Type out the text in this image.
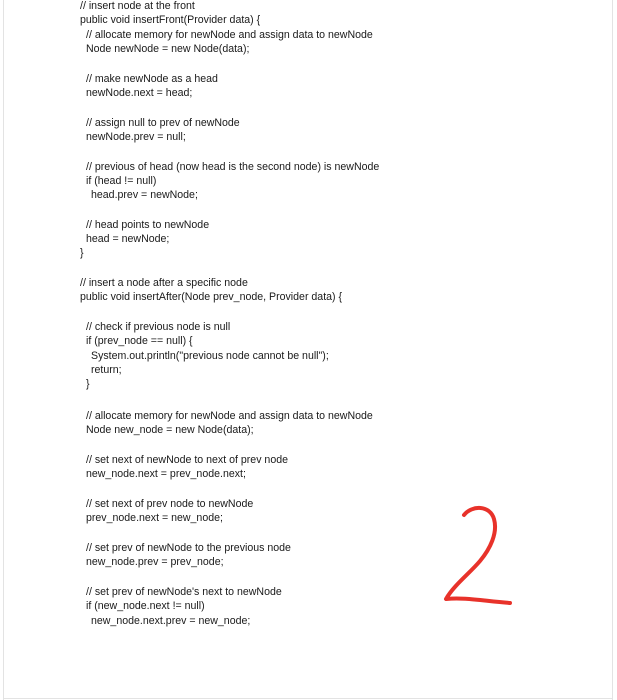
// insert node at the front
public void insertFront(Provider data) {
// allocate memory for newNode and assign data to newNode
Node newNode = new Node(data);
// make newNode as a head
newNode.next = head;
// assign null to prev of newNode
newNode.prev = null;
// previous of head (now head is the second node) is newNode
if (head != null)
head.prev = newNode;
// head points to newNode
head = newNode;
}
// insert a node after a specific node
public void insertAfter(Node prev_node, Provider data) {
// check if previous node is null
if (prev_node == null) {
System.out.println("previous node cannot be null");
return;
}
// allocate memory for newNode and assign data to newNode
Node new_node = new Node(data);
// set next of newNode to next of prev node
new_node.next = prev_node.next;
// set next of prev node to newNode
prev_node.next = new_node;
// set prev of newNode to the previous node
new_node.prev = prev_node;
// set prev of newNode's next to newNode
if (new_node.next != null)
new_node.next.prev = new_node;
